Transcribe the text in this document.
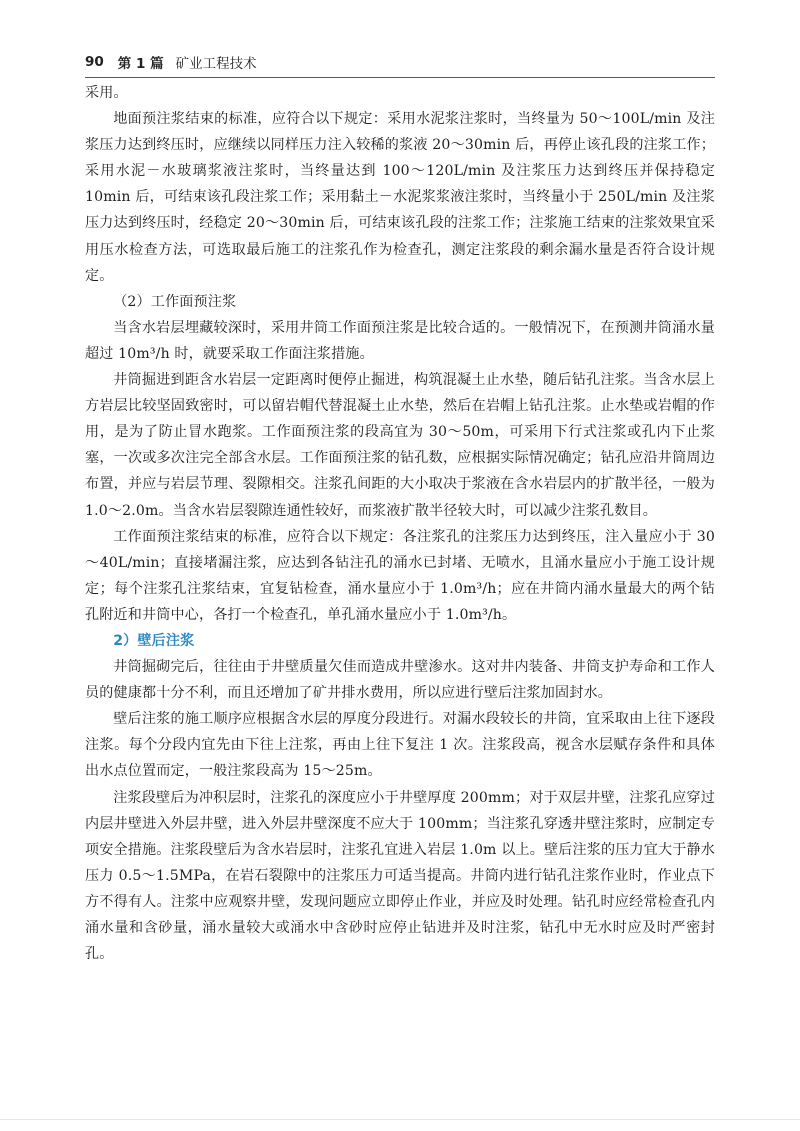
90 第 1 篇 矿业工程技术

采用。

地面预注浆结束的标准，应符合以下规定：采用水泥浆注浆时，当终量为 50～100L/min 及注浆压力达到终压时，应继续以同样压力注入较稀的浆液 20～30min 后，再停止该孔段的注浆工作；采用水泥－水玻璃浆液注浆时，当终量达到 100～120L/min 及注浆压力达到终压并保持稳定 10min 后，可结束该孔段注浆工作；采用黏土－水泥浆浆液注浆时，当终量小于 250L/min 及注浆压力达到终压时，经稳定 20～30min 后，可结束该孔段的注浆工作；注浆施工结束的注浆效果宜采用压水检查方法，可选取最后施工的注浆孔作为检查孔，测定注浆段的剩余漏水量是否符合设计规定。

（2）工作面预注浆

当含水岩层埋藏较深时，采用井筒工作面预注浆是比较合适的。一般情况下，在预测井筒涌水量超过 10m³/h 时，就要采取工作面注浆措施。

井筒掘进到距含水岩层一定距离时便停止掘进，构筑混凝土止水垫，随后钻孔注浆。当含水层上方岩层比较坚固致密时，可以留岩帽代替混凝土止水垫，然后在岩帽上钻孔注浆。止水垫或岩帽的作用，是为了防止冒水跑浆。工作面预注浆的段高宜为 30～50m，可采用下行式注浆或孔内下止浆塞，一次或多次注完全部含水层。工作面预注浆的钻孔数，应根据实际情况确定；钻孔应沿井筒周边布置，并应与岩层节理、裂隙相交。注浆孔间距的大小取决于浆液在含水岩层内的扩散半径，一般为 1.0～2.0m。当含水岩层裂隙连通性较好，而浆液扩散半径较大时，可以减少注浆孔数目。

工作面预注浆结束的标准，应符合以下规定：各注浆孔的注浆压力达到终压，注入量应小于 30～40L/min；直接堵漏注浆，应达到各钻注孔的涌水已封堵、无喷水，且涌水量应小于施工设计规定；每个注浆孔注浆结束，宜复钻检查，涌水量应小于 1.0m³/h；应在井筒内涌水量最大的两个钻孔附近和井筒中心，各打一个检查孔，单孔涌水量应小于 1.0m³/h。

2）壁后注浆

井筒掘砌完后，往往由于井壁质量欠佳而造成井壁渗水。这对井内装备、井筒支护寿命和工作人员的健康都十分不利，而且还增加了矿井排水费用，所以应进行壁后注浆加固封水。

壁后注浆的施工顺序应根据含水层的厚度分段进行。对漏水段较长的井筒，宜采取由上往下逐段注浆。每个分段内宜先由下往上注浆，再由上往下复注 1 次。注浆段高，视含水层赋存条件和具体出水点位置而定，一般注浆段高为 15～25m。

注浆段壁后为冲积层时，注浆孔的深度应小于井壁厚度 200mm；对于双层井壁，注浆孔应穿过内层井壁进入外层井壁，进入外层井壁深度不应大于 100mm；当注浆孔穿透井壁注浆时，应制定专项安全措施。注浆段壁后为含水岩层时，注浆孔宜进入岩层 1.0m 以上。壁后注浆的压力宜大于静水压力 0.5～1.5MPa，在岩石裂隙中的注浆压力可适当提高。井筒内进行钻孔注浆作业时，作业点下方不得有人。注浆中应观察井壁，发现问题应立即停止作业，并应及时处理。钻孔时应经常检查孔内涌水量和含砂量，涌水量较大或涌水中含砂时应停止钻进并及时注浆，钻孔中无水时应及时严密封孔。
